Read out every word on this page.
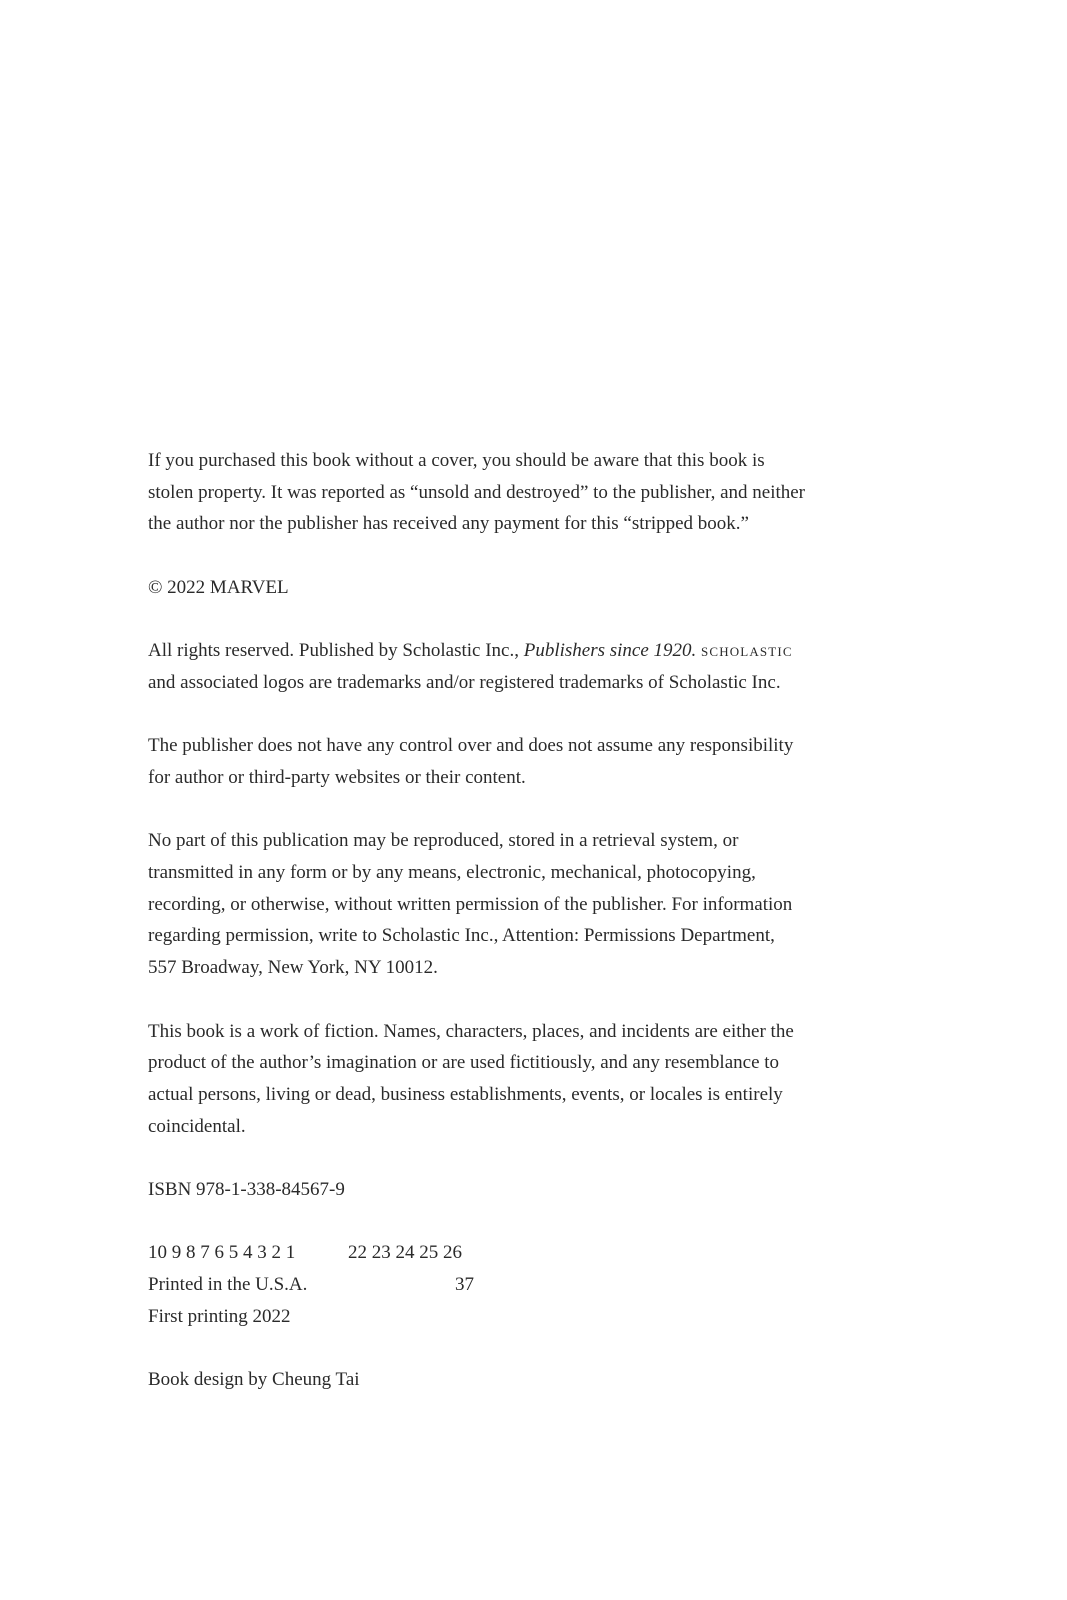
If you purchased this book without a cover, you should be aware that this book is
stolen property. It was reported as “unsold and destroyed” to the publisher, and neither
the author nor the publisher has received any payment for this “stripped book.”

© 2022 MARVEL

All rights reserved. Published by Scholastic Inc., Publishers since 1920. scholastic
and associated logos are trademarks and/or registered trademarks of Scholastic Inc.

The publisher does not have any control over and does not assume any responsibility
for author or third-party websites or their content.

No part of this publication may be reproduced, stored in a retrieval system, or
transmitted in any form or by any means, electronic, mechanical, photocopying,
recording, or otherwise, without written permission of the publisher. For information
regarding permission, write to Scholastic Inc., Attention: Permissions Department,
557 Broadway, New York, NY 10012.

This book is a work of fiction. Names, characters, places, and incidents are either the
product of the author’s imagination or are used fictitiously, and any resemblance to
actual persons, living or dead, business establishments, events, or locales is entirely
coincidental.

ISBN 978-1-338-84567-9

10 9 8 7 6 5 4 3 2 1	22 23 24 25 26
Printed in the U.S.A.	37
First printing 2022

Book design by Cheung Tai
